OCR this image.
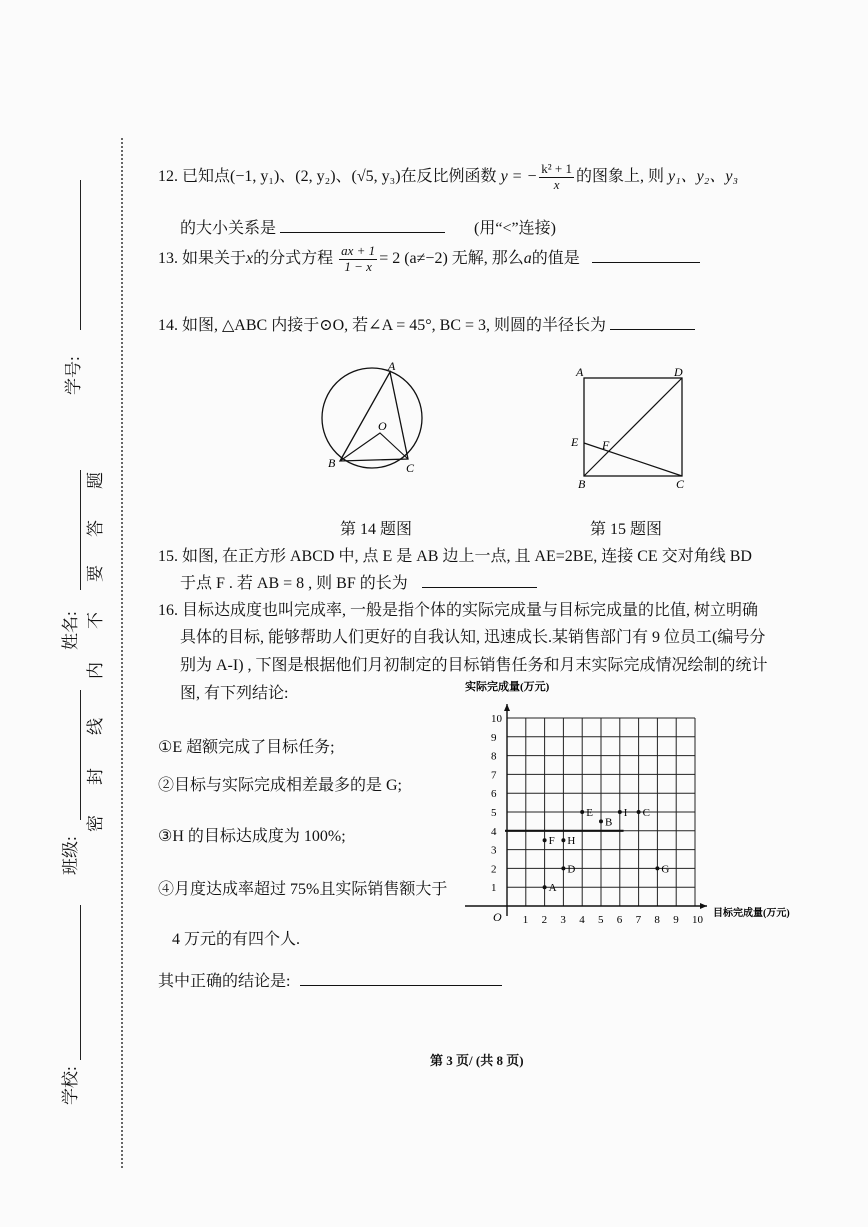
学号:
姓名:
班级:
学校:
题
答
要
不
内
线
封
密
12. 已知点(−1, y₁)、(2, y₂)、(√5, y₃)在反比例函数 y = − $\frac{\text{k² + 1}}{x}$ 的图象上, 则 y₁、y₂、y₃
的大小关系是	(用“<”连接)
13. 如果关于x的分式方程 $\frac{ax + 1}{1 - x} = 2$ (a≠−2) 无解, 那么a的值是
14. 如图, △ABC 内接于⊙O, 若∠A = 45°, BC = 3, 则圆的半径长为
A
B	C
O
第 14 题图
A	D
E F
B	C
第 15 题图
15. 如图, 在正方形 ABCD 中, 点 E 是 AB 边上一点, 且 AE=2BE, 连接 CE 交对角线 BD
于点 F . 若 AB = 8 , 则 BF 的长为
16. 目标达成度也叫完成率, 一般是指个体的实际完成量与目标完成量的比值, 树立明确
具体的目标, 能够帮助人们更好的自我认知, 迅速成长.某销售部门有 9 位员工(编号分
别为 A-I) , 下图是根据他们月初制定的目标销售任务和月末实际完成情况绘制的统计
图, 有下列结论:
①E 超额完成了目标任务;
②目标与实际完成相差最多的是 G;
③H 的目标达成度为 100%;
④月度达成率超过 75%且实际销售额大于
4 万元的有四个人.
其中正确的结论是:
1 2 3 4 5 6 7 8 9 10
1
2
3
4
5
6
7
8
9
10
O
实际完成量(万元)
目标完成量(万元)
A
B
C
D
E
F
G
H
I
第 3 页/ (共 8 页)
